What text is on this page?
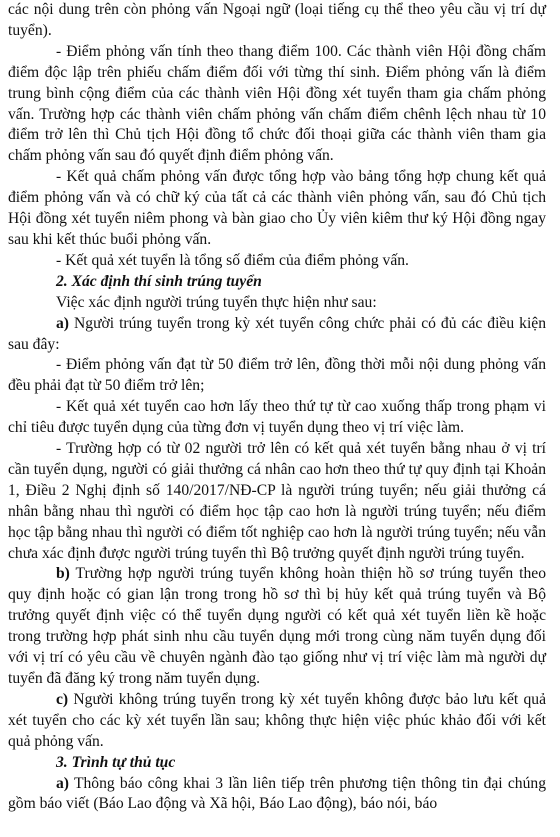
các nội dung trên còn phỏng vấn Ngoại ngữ (loại tiếng cụ thể theo yêu cầu vị trí dự tuyển).

- Điểm phỏng vấn tính theo thang điểm 100. Các thành viên Hội đồng chấm điểm độc lập trên phiếu chấm điểm đối với từng thí sinh. Điểm phỏng vấn là điểm trung bình cộng điểm của các thành viên Hội đồng xét tuyển tham gia chấm phỏng vấn. Trường hợp các thành viên chấm phỏng vấn chấm điểm chênh lệch nhau từ 10 điểm trở lên thì Chủ tịch Hội đồng tổ chức đối thoại giữa các thành viên tham gia chấm phỏng vấn sau đó quyết định điểm phỏng vấn.

- Kết quả chấm phỏng vấn được tổng hợp vào bảng tổng hợp chung kết quả điểm phỏng vấn và có chữ ký của tất cả các thành viên phỏng vấn, sau đó Chủ tịch Hội đồng xét tuyển niêm phong và bàn giao cho Ủy viên kiêm thư ký Hội đồng ngay sau khi kết thúc buổi phỏng vấn.

- Kết quả xét tuyển là tổng số điểm của điểm phỏng vấn.

2. Xác định thí sinh trúng tuyển

Việc xác định người trúng tuyển thực hiện như sau:

a) Người trúng tuyển trong kỳ xét tuyển công chức phải có đủ các điều kiện sau đây:

- Điểm phỏng vấn đạt từ 50 điểm trở lên, đồng thời mỗi nội dung phỏng vấn đều phải đạt từ 50 điểm trở lên;

- Kết quả xét tuyển cao hơn lấy theo thứ tự từ cao xuống thấp trong phạm vi chỉ tiêu được tuyển dụng của từng đơn vị tuyển dụng theo vị trí việc làm.

- Trường hợp có từ 02 người trở lên có kết quả xét tuyển bằng nhau ở vị trí cần tuyển dụng, người có giải thưởng cá nhân cao hơn theo thứ tự quy định tại Khoản 1, Điều 2 Nghị định số 140/2017/NĐ-CP là người trúng tuyển; nếu giải thưởng cá nhân bằng nhau thì người có điểm học tập cao hơn là người trúng tuyển; nếu điểm học tập bằng nhau thì người có điểm tốt nghiệp cao hơn là người trúng tuyển; nếu vẫn chưa xác định được người trúng tuyển thì Bộ trưởng quyết định người trúng tuyển.

b) Trường hợp người trúng tuyển không hoàn thiện hồ sơ trúng tuyển theo quy định hoặc có gian lận trong trong hồ sơ thì bị hủy kết quả trúng tuyển và Bộ trưởng quyết định việc có thể tuyển dụng người có kết quả xét tuyển liền kề hoặc trong trường hợp phát sinh nhu cầu tuyển dụng mới trong cùng năm tuyển dụng đối với vị trí có yêu cầu về chuyên ngành đào tạo giống như vị trí việc làm mà người dự tuyển đã đăng ký trong năm tuyển dụng.

c) Người không trúng tuyển trong kỳ xét tuyển không được bảo lưu kết quả xét tuyển cho các kỳ xét tuyển lần sau; không thực hiện việc phúc khảo đối với kết quả phỏng vấn.

3. Trình tự thủ tục

a) Thông báo công khai 3 lần liên tiếp trên phương tiện thông tin đại chúng gồm báo viết (Báo Lao động và Xã hội, Báo Lao động), báo nói, báo
